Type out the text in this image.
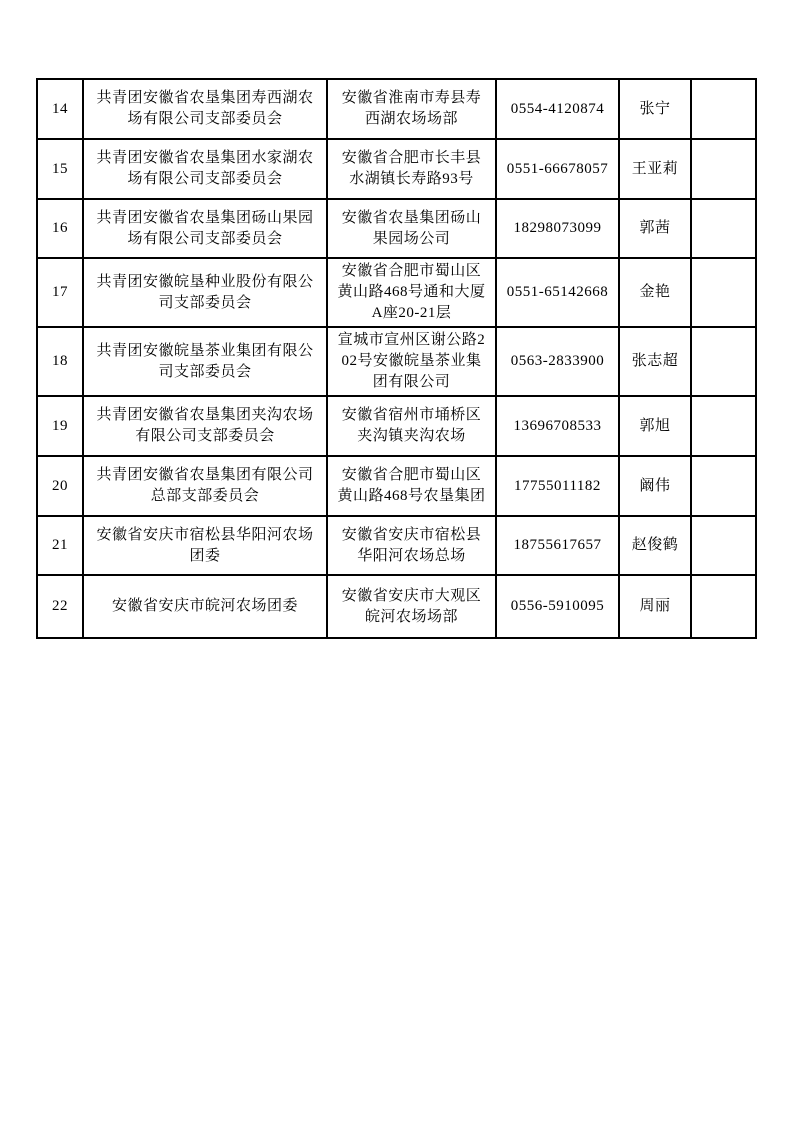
14	共青团安徽省农垦集团寿西湖农场有限公司支部委员会	安徽省淮南市寿县寿西湖农场场部	0554-4120874	张宁	
15	共青团安徽省农垦集团水家湖农场有限公司支部委员会	安徽省合肥市长丰县水湖镇长寿路93号	0551-66678057	王亚莉	
16	共青团安徽省农垦集团砀山果园场有限公司支部委员会	安徽省农垦集团砀山果园场公司	18298073099	郭茜	
17	共青团安徽皖垦种业股份有限公司支部委员会	安徽省合肥市蜀山区黄山路468号通和大厦A座20-21层	0551-65142668	金艳	
18	共青团安徽皖垦茶业集团有限公司支部委员会	宣城市宣州区谢公路202号安徽皖垦茶业集团有限公司	0563-2833900	张志超	
19	共青团安徽省农垦集团夹沟农场有限公司支部委员会	安徽省宿州市埇桥区夹沟镇夹沟农场	13696708533	郭旭	
20	共青团安徽省农垦集团有限公司总部支部委员会	安徽省合肥市蜀山区黄山路468号农垦集团	17755011182	阚伟	
21	安徽省安庆市宿松县华阳河农场团委	安徽省安庆市宿松县华阳河农场总场	18755617657	赵俊鹤	
22	安徽省安庆市皖河农场团委	安徽省安庆市大观区皖河农场场部	0556-5910095	周丽	
